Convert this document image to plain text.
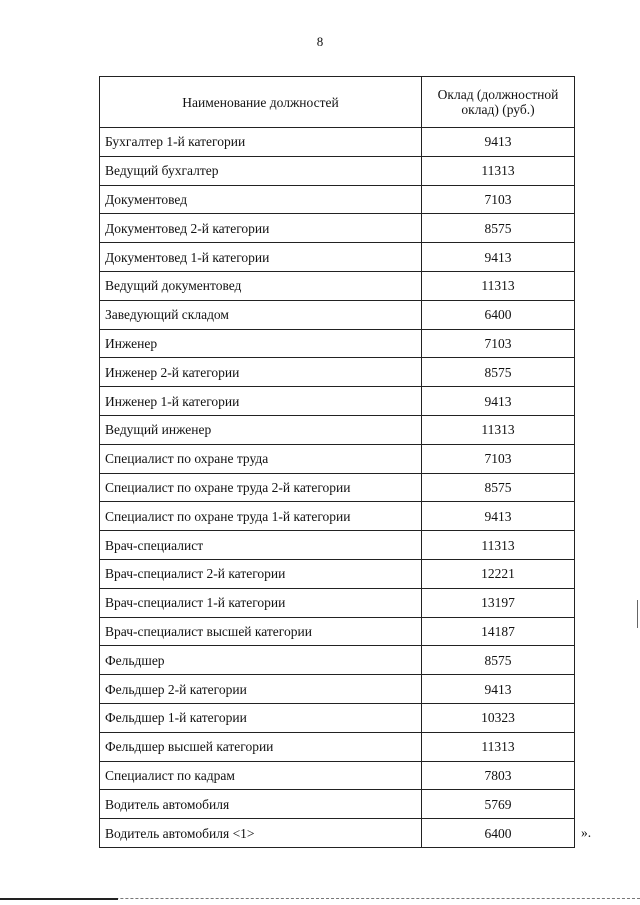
8
Наименование должностей	Оклад (должностной оклад) (руб.)
Бухгалтер 1-й категории	9413
Ведущий бухгалтер	11313
Документовед	7103
Документовед 2-й категории	8575
Документовед 1-й категории	9413
Ведущий документовед	11313
Заведующий складом	6400
Инженер	7103
Инженер 2-й категории	8575
Инженер 1-й категории	9413
Ведущий инженер	11313
Специалист по охране труда	7103
Специалист по охране труда 2-й категории	8575
Специалист по охране труда 1-й категории	9413
Врач-специалист	11313
Врач-специалист 2-й категории	12221
Врач-специалист 1-й категории	13197
Врач-специалист высшей категории	14187
Фельдшер	8575
Фельдшер 2-й категории	9413
Фельдшер 1-й категории	10323
Фельдшер высшей категории	11313
Специалист по кадрам	7803
Водитель автомобиля	5769
Водитель автомобиля <1>	6400	».
